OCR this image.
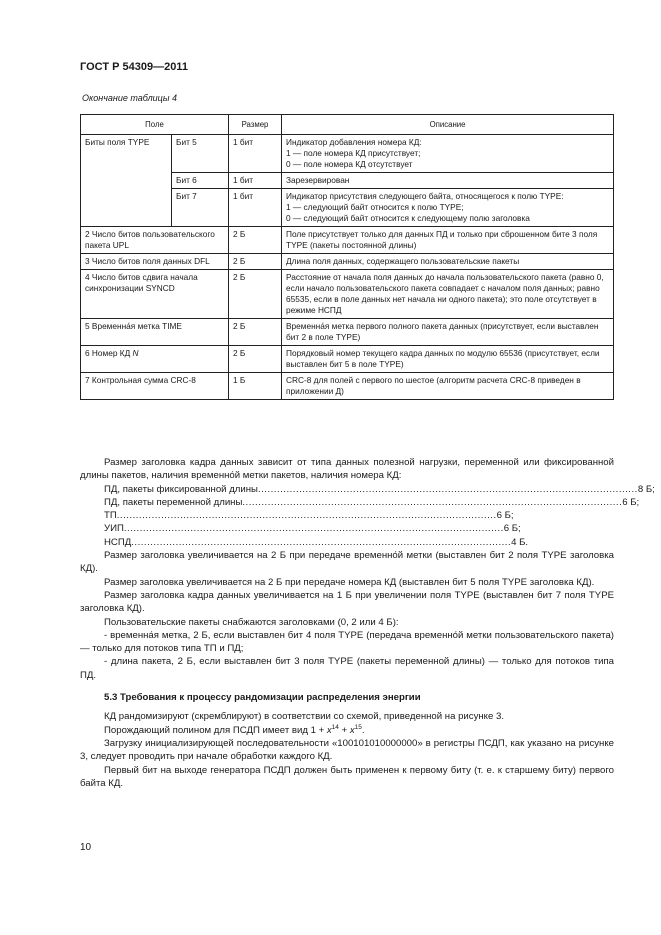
ГОСТ Р 54309—2011
Окончание таблицы 4
Поле		Размер	Описание
Биты поля TYPE	Бит 5	1 бит	Индикатор добавления номера КД:
1 — поле номера КД присутствует;
0 — поле номера КД отсутствует

	Бит 6	1 бит	Зарезервирован

	Бит 7	1 бит	Индикатор присутствия следующего байта, относящегося к полю TYPE:
1 — следующий байт относится к полю TYPE;
0 — следующий байт относится к следующему полю заголовка

2 Число битов пользовательского пакета UPL		2 Б	Поле присутствует только для данных ПД и только при сброшенном бите 3 поля TYPE (пакеты постоянной длины)
3 Число битов поля данных DFL		2 Б	Длина поля данных, содержащего пользовательские пакеты
4 Число битов сдвига начала синхронизации SYNCD		2 Б	Расстояние от начала поля данных до начала пользовательского пакета (равно 0, если начало пользовательского пакета совпадает с началом поля данных; равно 65535, если в поле данных нет начала ни одного пакета); это поле отсутствует в режиме НСПД
5 Временна́я метка TIME		2 Б	Временна́я метка первого полного пакета данных (присутствует, если выставлен бит 2 в поле TYPE)
6 Номер КД N		2 Б	Порядковый номер текущего кадра данных по модулю 65536 (присутствует, если выставлен бит 5 в поле TYPE)
7 Контрольная сумма CRC-8		1 Б	CRC-8 для полей с первого по шестое (алгоритм расчета CRC-8 приведен в приложении Д)

Размер заголовка кадра данных зависит от типа данных полезной нагрузки, переменной или фиксированной длины пакетов, наличия временно́й метки пакетов, наличия номера КД:

ПД, пакеты фиксированной длины ........................................................................................................................ 8 Б;
ПД, пакеты переменной длины ........................................................................................................................ 6 Б;
ТП ........................................................................................................................ 6 Б;
УИП ........................................................................................................................ 6 Б;
НСПД ........................................................................................................................ 4 Б.

Размер заголовка увеличивается на 2 Б при передаче временно́й метки (выставлен бит 2 поля TYPE заголовка КД).

Размер заголовка увеличивается на 2 Б при передаче номера КД (выставлен бит 5 поля TYPE заголовка КД).

Размер заголовка кадра данных увеличивается на 1 Б при увеличении поля TYPE (выставлен бит 7 поля TYPE заголовка КД).

Пользовательские пакеты снабжаются заголовками (0, 2 или 4 Б):

- временна́я метка, 2 Б, если выставлен бит 4 поля TYPE (передача временно́й метки пользовательского пакета) — только для потоков типа ТП и ПД;

- длина пакета, 2 Б, если выставлен бит 3 поля TYPE (пакеты переменной длины) — только для потоков типа ПД.

5.3 Требования к процессу рандомизации распределения энергии

КД рандомизируют (скремблируют) в соответствии со схемой, приведенной на рисунке 3.

Порождающий полином для ПСДП имеет вид $1 + x^{14} + x^{15}$.

Загрузку инициализирующей последовательности «100101010000000» в регистры ПСДП, как указано на рисунке 3, следует проводить при начале обработки каждого КД.

Первый бит на выходе генератора ПСДП должен быть применен к первому биту (т. е. к старшему биту) первого байта КД.

10
